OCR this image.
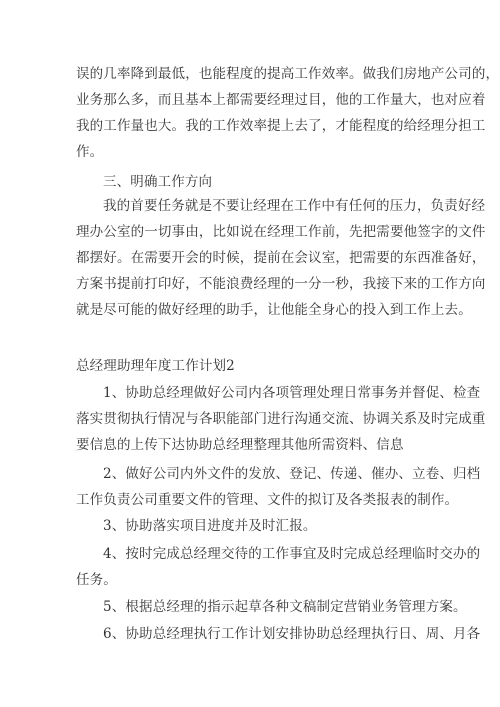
误的几率降到最低，也能程度的提高工作效率。做我们房地产公司的，
业务那么多，而且基本上都需要经理过目，他的工作量大，也对应着
我的工作量也大。我的工作效率提上去了，才能程度的给经理分担工
作。
三、明确工作方向
我的首要任务就是不要让经理在工作中有任何的压力，负责好经
理办公室的一切事由，比如说在经理工作前，先把需要他签字的文件
都摆好。在需要开会的时候，提前在会议室，把需要的东西准备好，
方案书提前打印好，不能浪费经理的一分一秒，我接下来的工作方向
就是尽可能的做好经理的助手，让他能全身心的投入到工作上去。
总经理助理年度工作计划2
1、协助总经理做好公司内各项管理处理日常事务并督促、检查
落实贯彻执行情况与各职能部门进行沟通交流、协调关系及时完成重
要信息的上传下达协助总经理整理其他所需资料、信息
2、做好公司内外文件的发放、登记、传递、催办、立卷、归档
工作负责公司重要文件的管理、文件的拟订及各类报表的制作。
3、协助落实项目进度并及时汇报。
4、按时完成总经理交待的工作事宜及时完成总经理临时交办的
任务。
5、根据总经理的指示起草各种文稿制定营销业务管理方案。
6、协助总经理执行工作计划安排协助总经理执行日、周、月各
